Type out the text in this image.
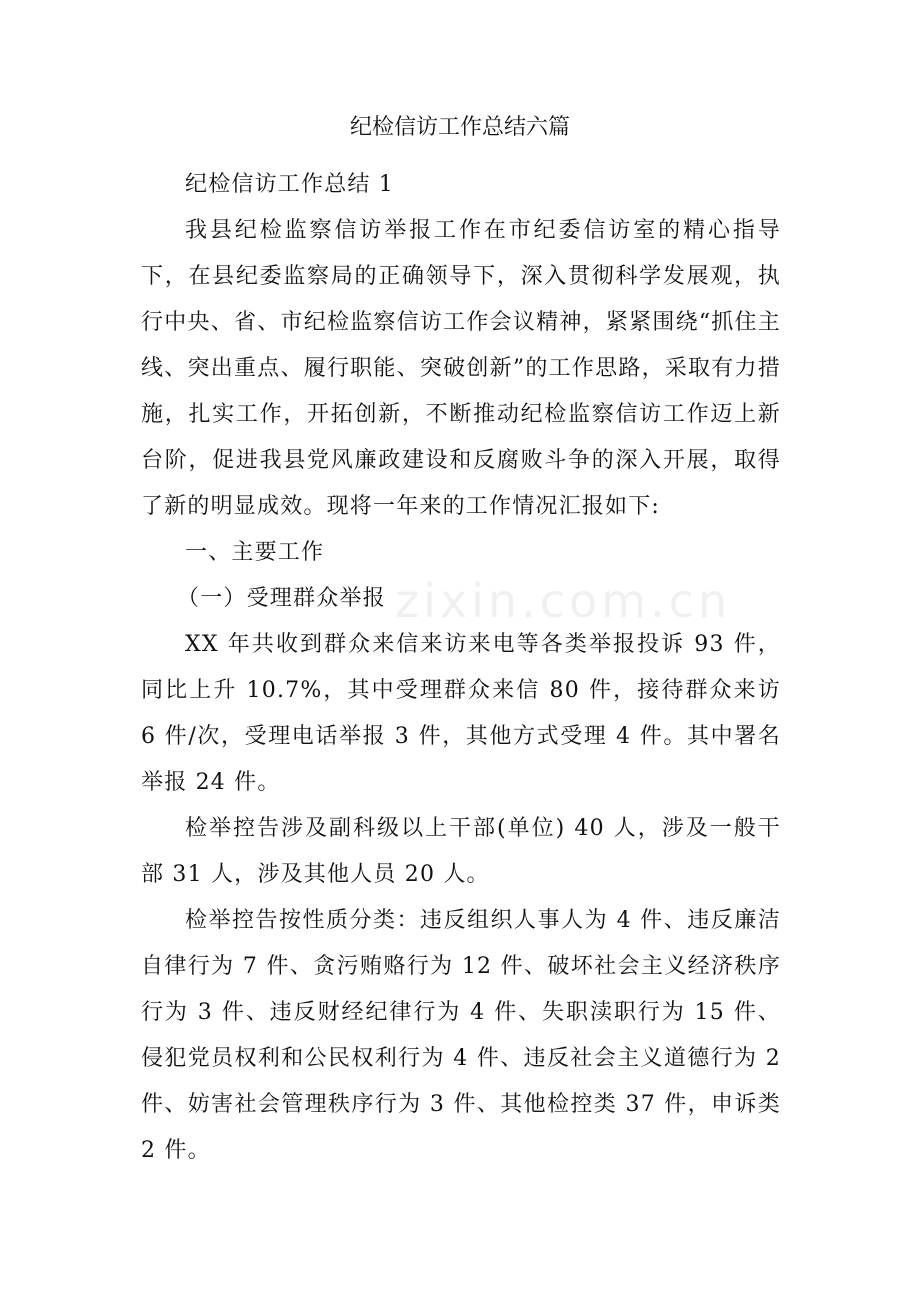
纪检信访工作总结六篇
zixin.com.cn

纪检信访工作总结 1

我县纪检监察信访举报工作在市纪委信访室的精心指导下，在县纪委监察局的正确领导下，深入贯彻科学发展观，执行中央、省、市纪检监察信访工作会议精神，紧紧围绕“抓住主线、突出重点、履行职能、突破创新”的工作思路，采取有力措施，扎实工作，开拓创新，不断推动纪检监察信访工作迈上新台阶，促进我县党风廉政建设和反腐败斗争的深入开展，取得了新的明显成效。现将一年来的工作情况汇报如下:

一、主要工作

（一）受理群众举报

XX 年共收到群众来信来访来电等各类举报投诉 93 件，同比上升 10.7%，其中受理群众来信 80 件，接待群众来访 6 件/次，受理电话举报 3 件，其他方式受理 4 件。其中署名举报 24 件。

检举控告涉及副科级以上干部(单位) 40 人，涉及一般干部 31 人，涉及其他人员 20 人。

检举控告按性质分类：违反组织人事人为 4 件、违反廉洁自律行为 7 件、贪污贿赂行为 12 件、破坏社会主义经济秩序行为 3 件、违反财经纪律行为 4 件、失职渎职行为 15 件、侵犯党员权利和公民权利行为 4 件、违反社会主义道德行为 2 件、妨害社会管理秩序行为 3 件、其他检控类 37 件，申诉类 2 件。
